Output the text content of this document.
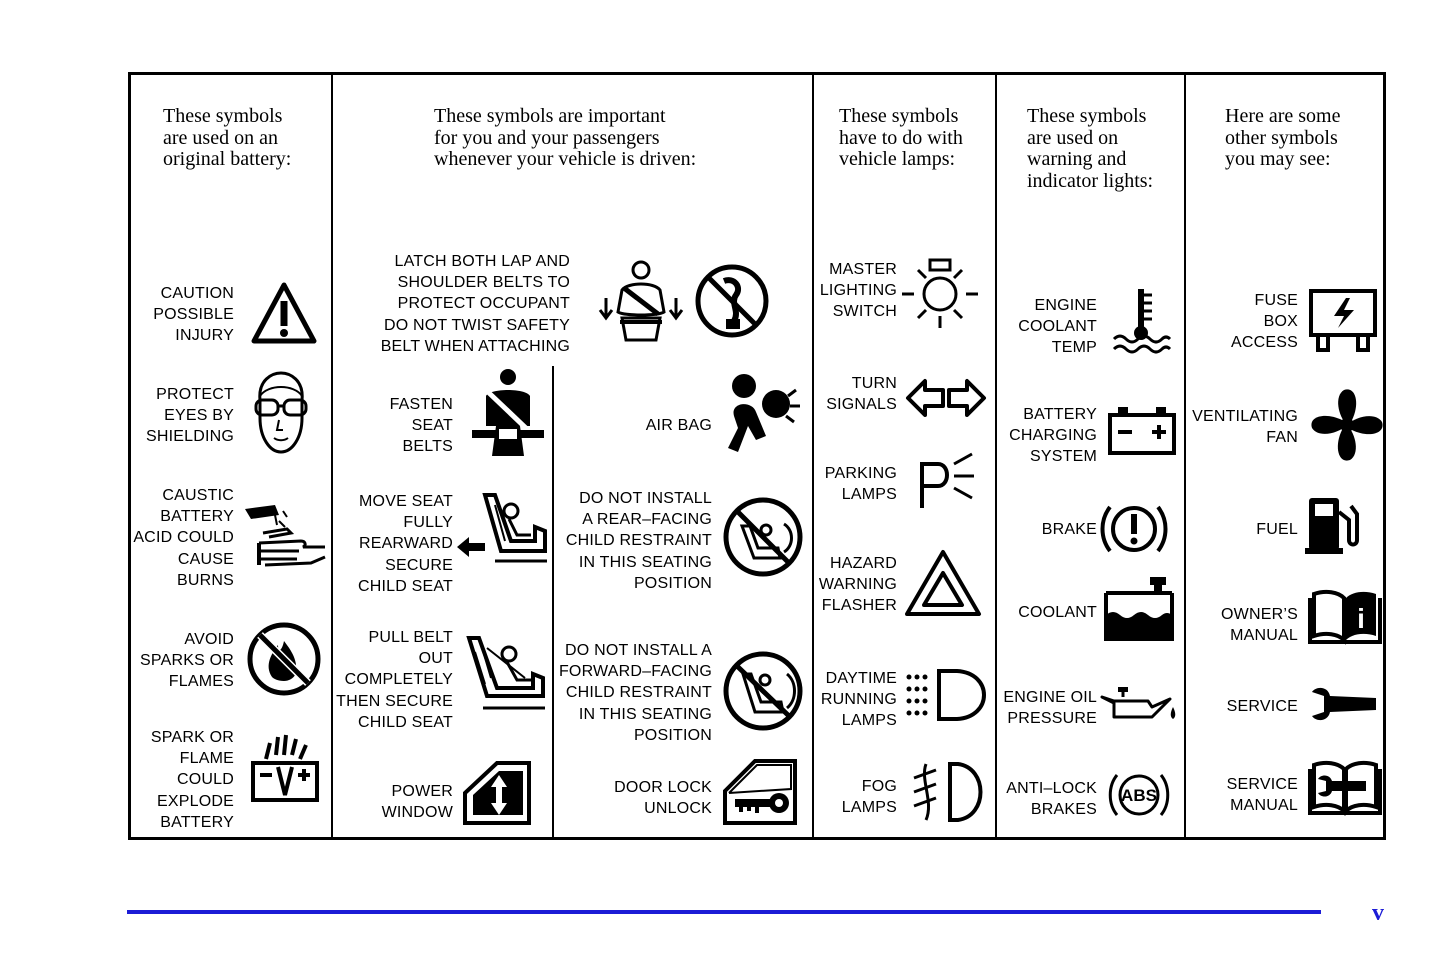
These symbols
are used on an
original battery:
These symbols are important
for you and your passengers
whenever your vehicle is driven:
These symbols
have to do with
vehicle lamps:
These symbols
are used on
warning and
indicator lights:
Here are some
other symbols
you may see:
CAUTION
POSSIBLE
INJURY
PROTECT
EYES BY
SHIELDING
CAUSTIC
BATTERY
ACID COULD
CAUSE
BURNS
AVOID
SPARKS OR
FLAMES
SPARK OR
FLAME
COULD
EXPLODE
BATTERY
LATCH BOTH LAP AND
SHOULDER BELTS TO
PROTECT OCCUPANT
DO NOT TWIST SAFETY
BELT WHEN ATTACHING
FASTEN
SEAT
BELTS
AIR BAG
MOVE SEAT
FULLY
REARWARD
SECURE
CHILD SEAT
DO NOT INSTALL
A REAR–FACING
CHILD RESTRAINT
IN THIS SEATING
POSITION
PULL BELT
OUT
COMPLETELY
THEN SECURE
CHILD SEAT
DO NOT INSTALL A
FORWARD–FACING
CHILD RESTRAINT
IN THIS SEATING
POSITION
POWER
WINDOW
DOOR LOCK
UNLOCK
MASTER
LIGHTING
SWITCH
TURN
SIGNALS
PARKING
LAMPS
HAZARD
WARNING
FLASHER
DAYTIME
RUNNING
LAMPS
FOG
LAMPS
ENGINE
COOLANT
TEMP
BATTERY
CHARGING
SYSTEM
BRAKE
COOLANT
ENGINE OIL
PRESSURE
ANTI–LOCK
BRAKES
ABS
FUSE
BOX
ACCESS
VENTILATING
FAN
FUEL
OWNER’S
MANUAL
i
SERVICE
SERVICE
MANUAL
v
